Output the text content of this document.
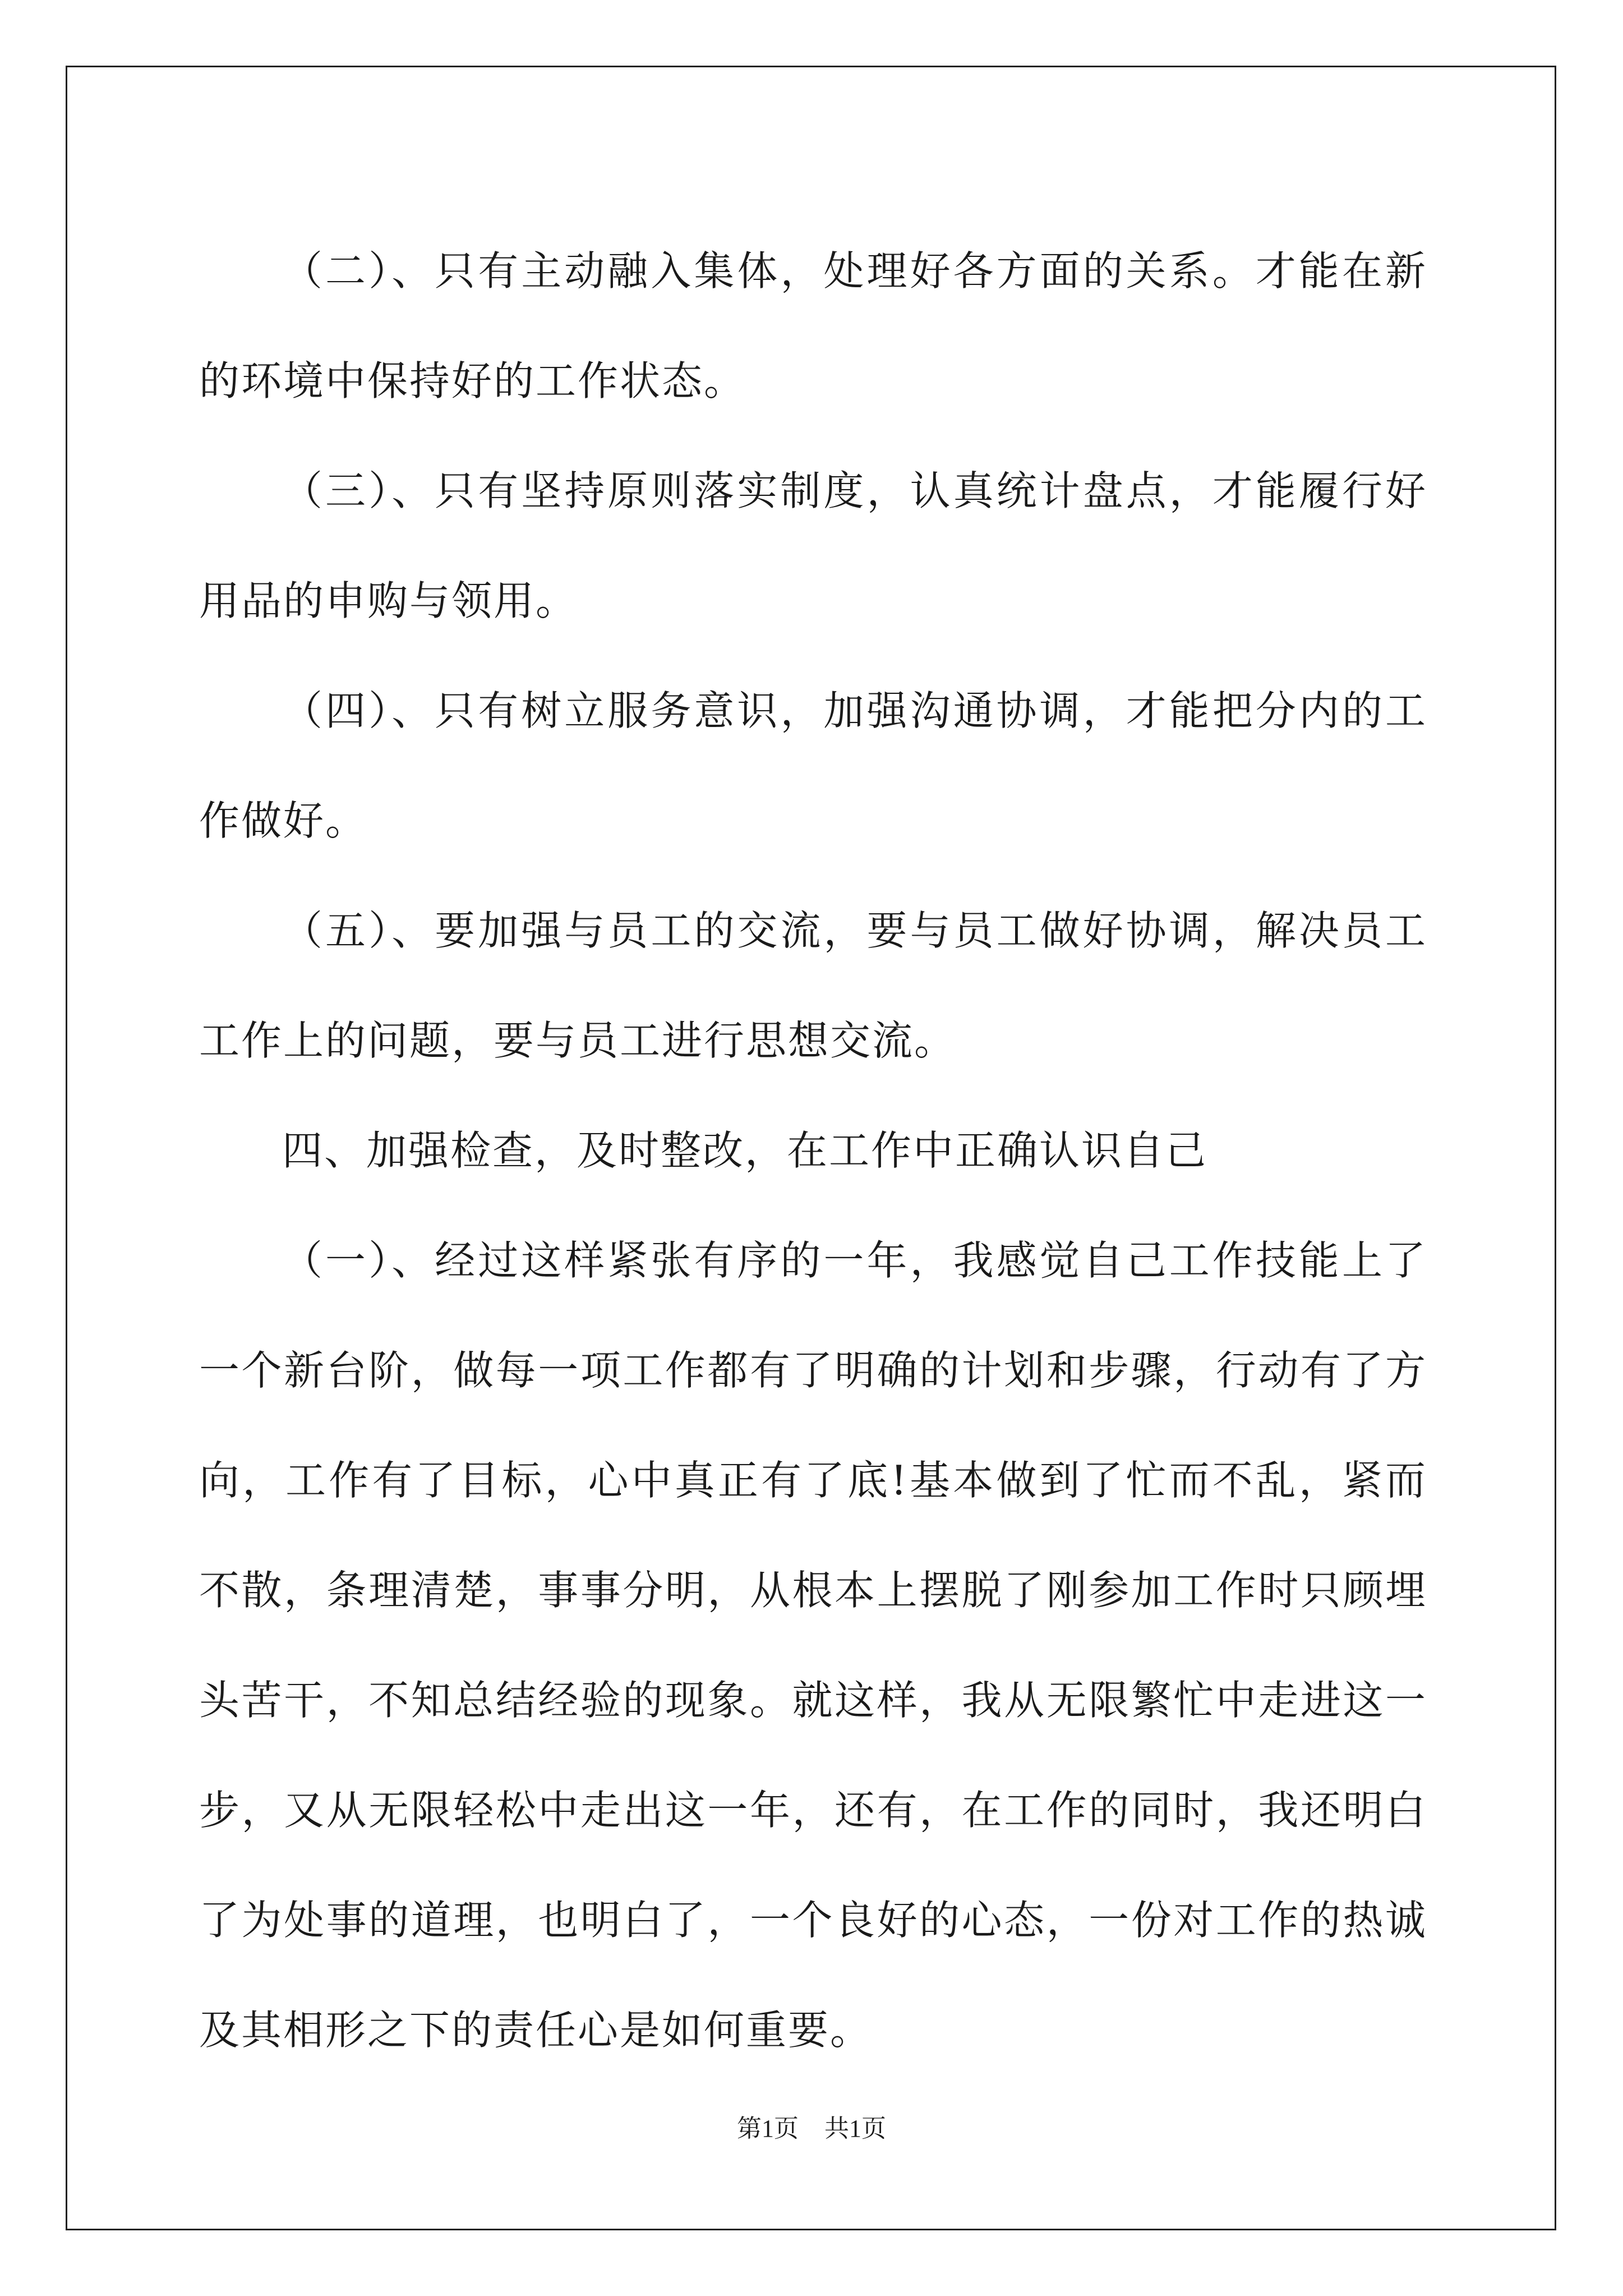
（二）、只有主动融入集体，处理好各方面的关系。才能在新的环境中保持好的工作状态。

（三）、只有坚持原则落实制度，认真统计盘点，才能履行好用品的申购与领用。

（四）、只有树立服务意识，加强沟通协调，才能把分内的工作做好。

（五）、要加强与员工的交流，要与员工做好协调，解决员工工作上的问题，要与员工进行思想交流。

四、加强检查，及时整改，在工作中正确认识自己

（一）、经过这样紧张有序的一年，我感觉自己工作技能上了一个新台阶，做每一项工作都有了明确的计划和步骤，行动有了方向，工作有了目标，心中真正有了底!基本做到了忙而不乱，紧而不散，条理清楚，事事分明，从根本上摆脱了刚参加工作时只顾埋头苦干，不知总结经验的现象。就这样，我从无限繁忙中走进这一步，又从无限轻松中走出这一年，还有，在工作的同时，我还明白了为处事的道理，也明白了，一个良好的心态，一份对工作的热诚及其相形之下的责任心是如何重要。

第1页 共1页
